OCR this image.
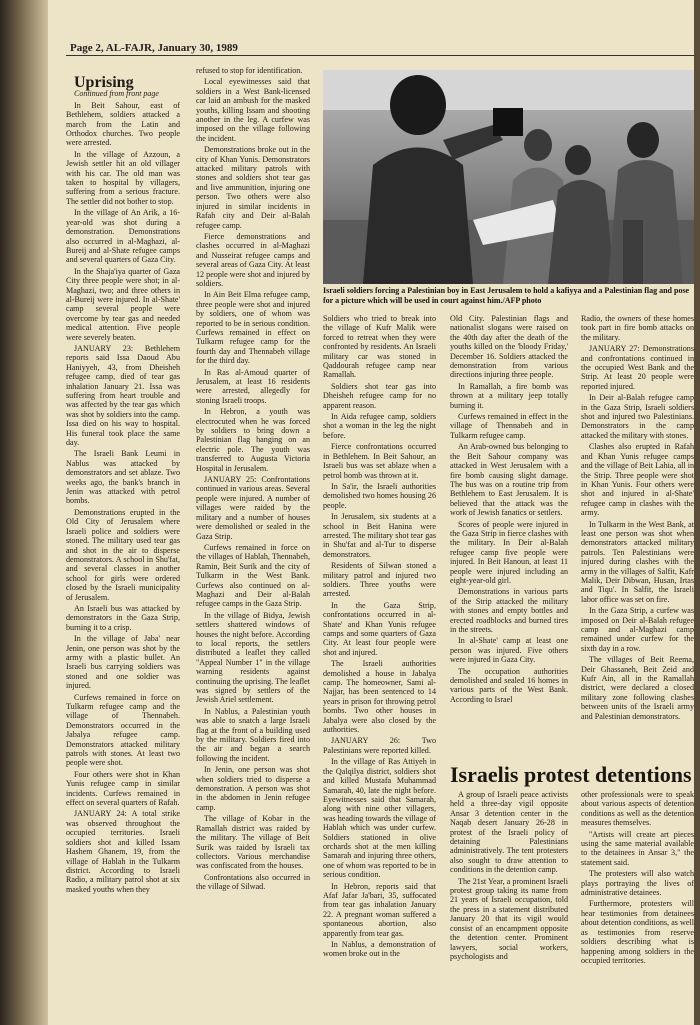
Page 2, AL-FAJR, January 30, 1989

Uprising

Continued from front page

In Beit Sahour, east of Bethlehem, soldiers attacked a march from the Latin and Orthodox churches. Two people were arrested.

In the village of Azzoun, a Jewish settler hit an old villager with his car. The old man was taken to hospital by villagers, suffering from a serious fracture. The settler did not bother to stop.

In the village of An Arik, a 16-year-old was shot during a demonstration. Demonstrations also occurred in al-Maghazi, al-Bureij and al-Shate refugee camps and several quarters of Gaza City.

In the Shaja'iya quarter of Gaza City three people were shot; in al-Maghazi, two; and three others in al-Bureij were injured. In al-Shate' camp several people were overcome by tear gas and needed medical attention. Five people were severely beaten.

JANUARY 23: Bethlehem reports said Issa Daoud Abu Haniyyeh, 43, from Dheisheh refugee camp, died of tear gas inhalation January 21. Issa was suffering from heart trouble and was affected by the tear gas which was shot by soldiers into the camp. Issa died on his way to hospital. His funeral took place the same day.

The Israeli Bank Leumi in Nablus was attacked by demonstrators and set ablaze. Two weeks ago, the bank's branch in Jenin was attacked with petrol bombs.

Demonstrations erupted in the Old City of Jerusalem where Israeli police and soldiers were stoned. The military used tear gas and shot in the air to disperse demonstrators. A school in Shu'fat, and several classes in another school for girls were ordered closed by the Israeli municipality of Jerusalem.

An Israeli bus was attacked by demonstrators in the Gaza Strip, burning it to a crisp.

In the village of Jaba' near Jenin, one person was shot by the army with a plastic bullet. An Israeli bus carrying soldiers was stoned and one soldier was injured.

Curfews remained in force on Tulkarm refugee camp and the village of Thennabeh. Demonstrators occurred in the Jabalya refugee camp. Demonstrators attacked military patrols with stones. At least two people were shot.

Four others were shot in Khan Yunis refugee camp in similar incidents. Curfews remained in effect on several quarters of Rafah.

JANUARY 24: A total strike was observed throughout the occupied territories. Israeli soldiers shot and killed Issam Hashem Ghanem, 19, from the village of Hablah in the Tulkarm district. According to Israeli Radio, a military patrol shot at six masked youths when they

refused to stop for identification.

Local eyewitnesses said that soldiers in a West Bank-licensed car laid an ambush for the masked youths, killing Issam and shooting another in the leg. A curfew was imposed on the village following the incident.

Demonstrations broke out in the city of Khan Yunis. Demonstrators attacked military patrols with stones and soldiers shot tear gas and live ammunition, injuring one person. Two others were also injured in similar incidents in Rafah city and Deir al-Balah refugee camp.

Fierce demonstrations and clashes occurred in al-Maghazi and Nusseirat refugee camps and several areas of Gaza City. At least 12 people were shot and injured by soldiers.

In Ain Beit Elma refugee camp, three people were shot and injured by soldiers, one of whom was reported to be in serious condition. Curfews remained in effect on Tulkarm refugee camp for the fourth day and Thennabeh village for the third day.

In Ras al-Amoud quarter of Jerusalem, at least 16 residents were arrested, allegedly for stoning Israeli troops.

In Hebron, a youth was electrocuted when he was forced by soldiers to bring down a Palestinian flag hanging on an electric pole. The youth was transferred to Augusta Victoria Hospital in Jerusalem.

JANUARY 25: Confrontations continued in various areas. Several people were injured. A number of villages were raided by the military and a number of houses were demolished or sealed in the Gaza Strip.

Curfews remained in force on the villages of Hablah, Thennabeh, Ramin, Beit Surik and the city of Tulkarm in the West Bank. Curfews also continued on al-Maghazi and Deir al-Balah refugee camps in the Gaza Strip.

In the village of Bidya, Jewish settlers shattered windows of houses the night before. According to local reports, the settlers distributed a leaflet they called "Appeal Number 1" in the village warning residents against continuing the uprising. The leaflet was signed by settlers of the Jewish Ariel settlement.

In Nablus, a Palestinian youth was able to snatch a large Israeli flag at the front of a building used by the military. Soldiers fired into the air and began a search following the incident.

In Jenin, one person was shot when soldiers tried to disperse a demonstration. A person was shot in the abdomen in Jenin refugee camp.

The village of Kobar in the Ramallah district was raided by the military. The village of Beit Surik was raided by Israeli tax collectors. Various merchandise was confiscated from the houses.

Confrontations also occurred in the village of Silwad.

Israeli soldiers forcing a Palestinian boy in East Jerusalem to hold a kafiyya and a Palestinian flag and pose for a picture which will be used in court against him./AFP photo

Soldiers who tried to break into the village of Kufr Malik were forced to retreat when they were confronted by residents. An Israeli military car was stoned in Qaddourah refugee camp near Ramallah.

Soldiers shot tear gas into Dheisheh refugee camp for no apparent reason.

In Aida refugee camp, soldiers shot a woman in the leg the night before.

Fierce confrontations occurred in Bethlehem. In Beit Sahour, an Israeli bus was set ablaze when a petrol bomb was thrown at it.

In Sa'ir, the Israeli authorities demolished two homes housing 26 people.

In Jerusalem, six students at a school in Beit Hanina were arrested. The military shot tear gas in Shu'fat and al-Tur to disperse demonstrators.

Residents of Silwan stoned a military patrol and injured two soldiers. Three youths were arrested.

In the Gaza Strip, confrontations occurred in al-Shate' and Khan Yunis refugee camps and some quarters of Gaza City. At least four people were shot and injured.

The Israeli authorities demolished a house in Jabalya camp. The homeowner, Sami al-Najjar, has been sentenced to 14 years in prison for throwing petrol bombs. Two other houses in Jabalya were also closed by the authorities.

JANUARY 26: Two Palestinians were reported killed.

In the village of Ras Attiyeh in the Qalqilya district, soldiers shot and killed Mustafa Muhammad Samarah, 40, late the night before. Eyewitnesses said that Samarah, along with nine other villagers, was heading towards the village of Hablah which was under curfew. Soldiers stationed in olive orchards shot at the men killing Samarah and injuring three others, one of whom was reported to be in serious condition.

In Hebron, reports said that Afaf Jafar Ja'bari, 35, suffocated from tear gas inhalation January 22. A pregnant woman suffered a spontaneous abortion, also apparently from tear gas.

In Nablus, a demonstration of women broke out in the

Old City. Palestinian flags and nationalist slogans were raised on the 40th day after the death of the youths killed on the 'bloody Friday,' December 16. Soldiers attacked the demonstration from various directions injuring three people.

In Ramallah, a fire bomb was thrown at a military jeep totally burning it.

Curfews remained in effect in the village of Thennabeh and in Tulkarm refugee camp.

An Arab-owned bus belonging to the Beit Sahour company was attacked in West Jerusalem with a fire bomb causing slight damage. The bus was on a routine trip from Bethlehem to East Jerusalem. It is believed that the attack was the work of Jewish fanatics or settlers.

Scores of people were injured in the Gaza Strip in fierce clashes with the military. In Deir al-Balah refugee camp five people were injured. In Beit Hanoun, at least 11 people were injured including an eight-year-old girl.

Demonstrations in various parts of the Strip attacked the military with stones and empty bottles and erected roadblocks and burned tires in the streets.

In al-Shate' camp at least one person was injured. Five others were injured in Gaza City.

The occupation authorities demolished and sealed 16 homes in various parts of the West Bank. According to Israel

Radio, the owners of these homes took part in fire bomb attacks on the military.

JANUARY 27: Demonstrations and confrontations continued in the occupied West Bank and the Strip. At least 20 people were reported injured.

In Deir al-Balah refugee camp in the Gaza Strip, Israeli soldiers shot and injured two Palestinians. Demonstrators in the camp attacked the military with stones.

Clashes also erupted in Rafah and Khan Yunis refugee camps and the village of Beit Lahia, all in the Strip. Three people were shot in Khan Yunis. Four others were shot and injured in al-Shate' refugee camp in clashes with the army.

In Tulkarm in the West Bank, at least one person was shot when demonstrators attacked military patrols. Ten Palestinians were injured during clashes with the army in the villages of Salfit, Kafr Malik, Deir Dibwan, Husan, Irtas and Tiqu'. In Salfit, the Israeli labor office was set on fire.

In the Gaza Strip, a curfew was imposed on Deir al-Balah refugee camp and al-Maghazi camp remained under curfew for the sixth day in a row.

The villages of Beit Reema, Deir Ghassaneh, Beit Zeid and Kufr Ain, all in the Ramallah district, were declared a closed military zone following clashes between units of the Israeli army and Palestinian demonstrators.

Israelis protest detentions

A group of Israeli peace activists held a three-day vigil opposite Ansar 3 detention center in the Naqab desert January 26-28 in protest of the Israeli policy of detaining Palestinians administratively. The tent protesters also sought to draw attention to conditions in the detention camp.

The 21st Year, a prominent Israeli protest group taking its name from 21 years of Israeli occupation, told the press in a statement distributed January 20 that its vigil would consist of an encampment opposite the detention center. Prominent lawyers, social workers, psychologists and

other professionals were to speak about various aspects of detention conditions as well as the detention measures themselves.

"Artists will create art pieces using the same material available to the detainees in Ansar 3," the statement said.

The protesters will also watch plays portraying the lives of administrative detainees.

Furthermore, protesters will hear testimonies from detainees about detention conditions, as well as testimonies from reserve soldiers describing what is happening among soldiers in the occupied territories.
